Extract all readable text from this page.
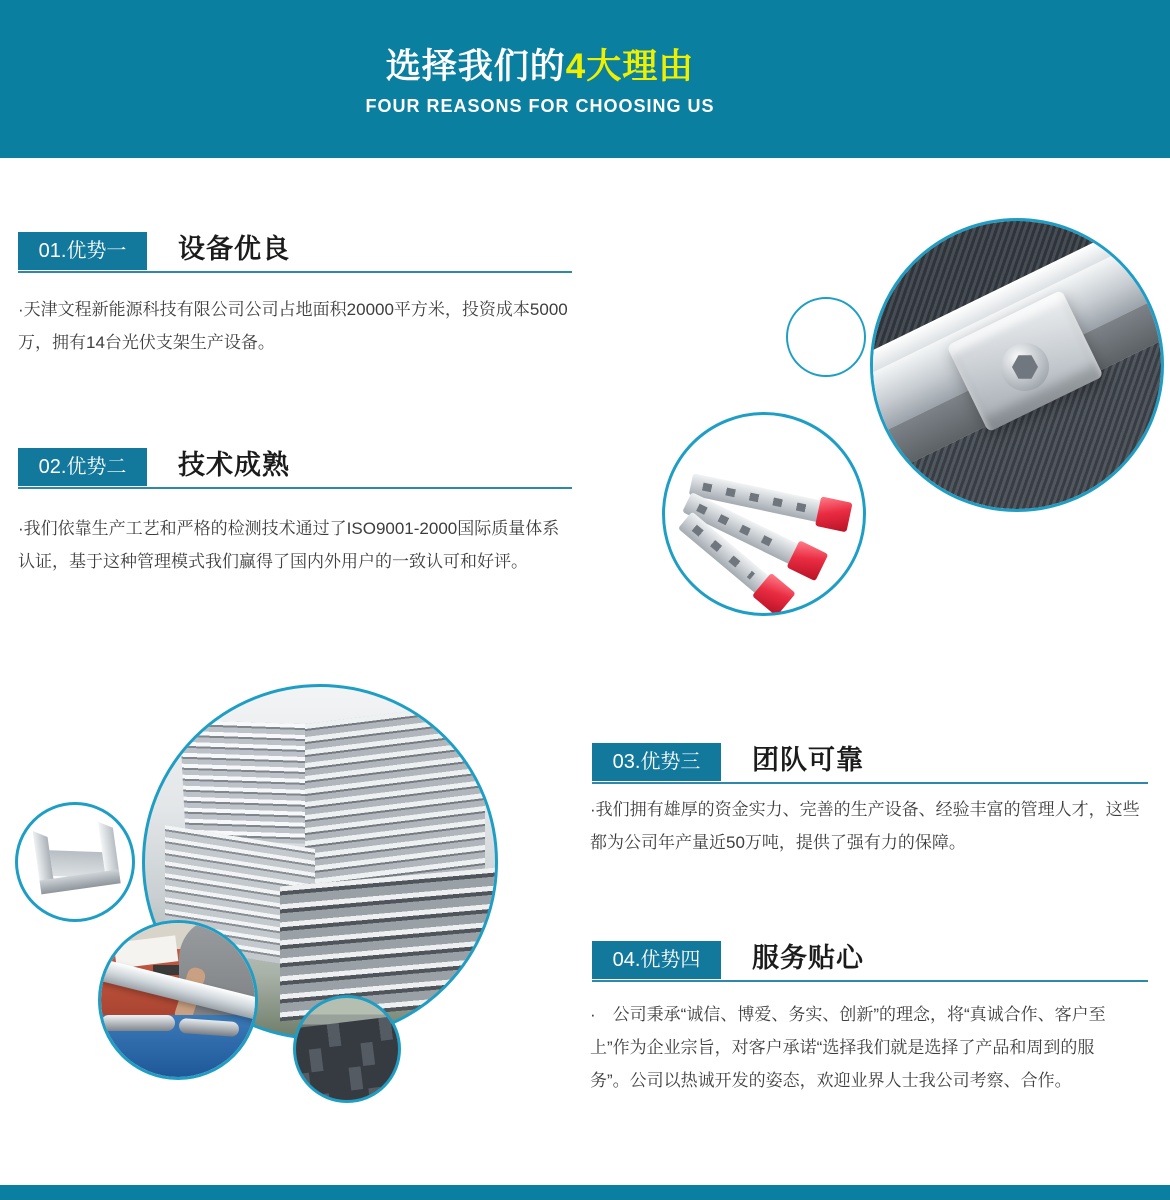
选择我们的4大理由
FOUR REASONS FOR CHOOSING US
01.优势一	设备优良
·天津文程新能源科技有限公司公司占地面积20000平方米，投资成本5000
万，拥有14台光伏支架生产设备。
02.优势二	技术成熟
·我们依靠生产工艺和严格的检测技术通过了ISO9001-2000国际质量体系
认证，基于这种管理模式我们赢得了国内外用户的一致认可和好评。
03.优势三	团队可靠
·我们拥有雄厚的资金实力、完善的生产设备、经验丰富的管理人才，这些
都为公司年产量近50万吨，提供了强有力的保障。
04.优势四	服务贴心
·　公司秉承“诚信、博爱、务实、创新”的理念，将“真诚合作、客户至
上”作为企业宗旨，对客户承诺“选择我们就是选择了产品和周到的服
务”。公司以热诚开发的姿态，欢迎业界人士我公司考察、合作。
